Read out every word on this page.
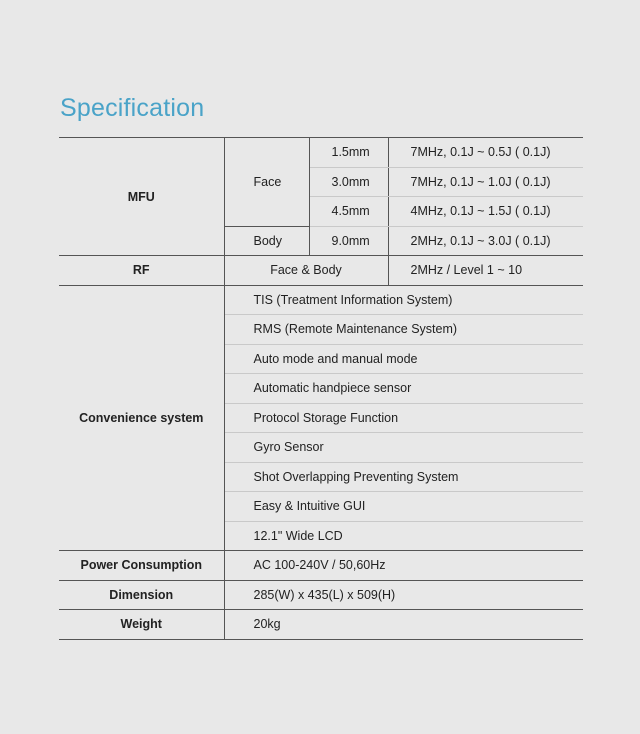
Specification
MFU	Face	1.5mm	7MHz, 0.1J ~ 0.5J ( 0.1J)
		3.0mm	7MHz, 0.1J ~ 1.0J ( 0.1J)
		4.5mm	4MHz, 0.1J ~ 1.5J ( 0.1J)
	Body	9.0mm	2MHz, 0.1J ~ 3.0J ( 0.1J)
RF	Face & Body		2MHz / Level 1 ~ 10
Convenience system	TIS (Treatment Information System)		
	RMS (Remote Maintenance System)		
	Auto mode and manual mode		
	Automatic handpiece sensor		
	Protocol Storage Function		
	Gyro Sensor		
	Shot Overlapping Preventing System		
	Easy & Intuitive GUI		
	12.1" Wide LCD		
Power Consumption	AC 100-240V / 50,60Hz		
Dimension	285(W) x 435(L) x 509(H)		
Weight	20kg		
